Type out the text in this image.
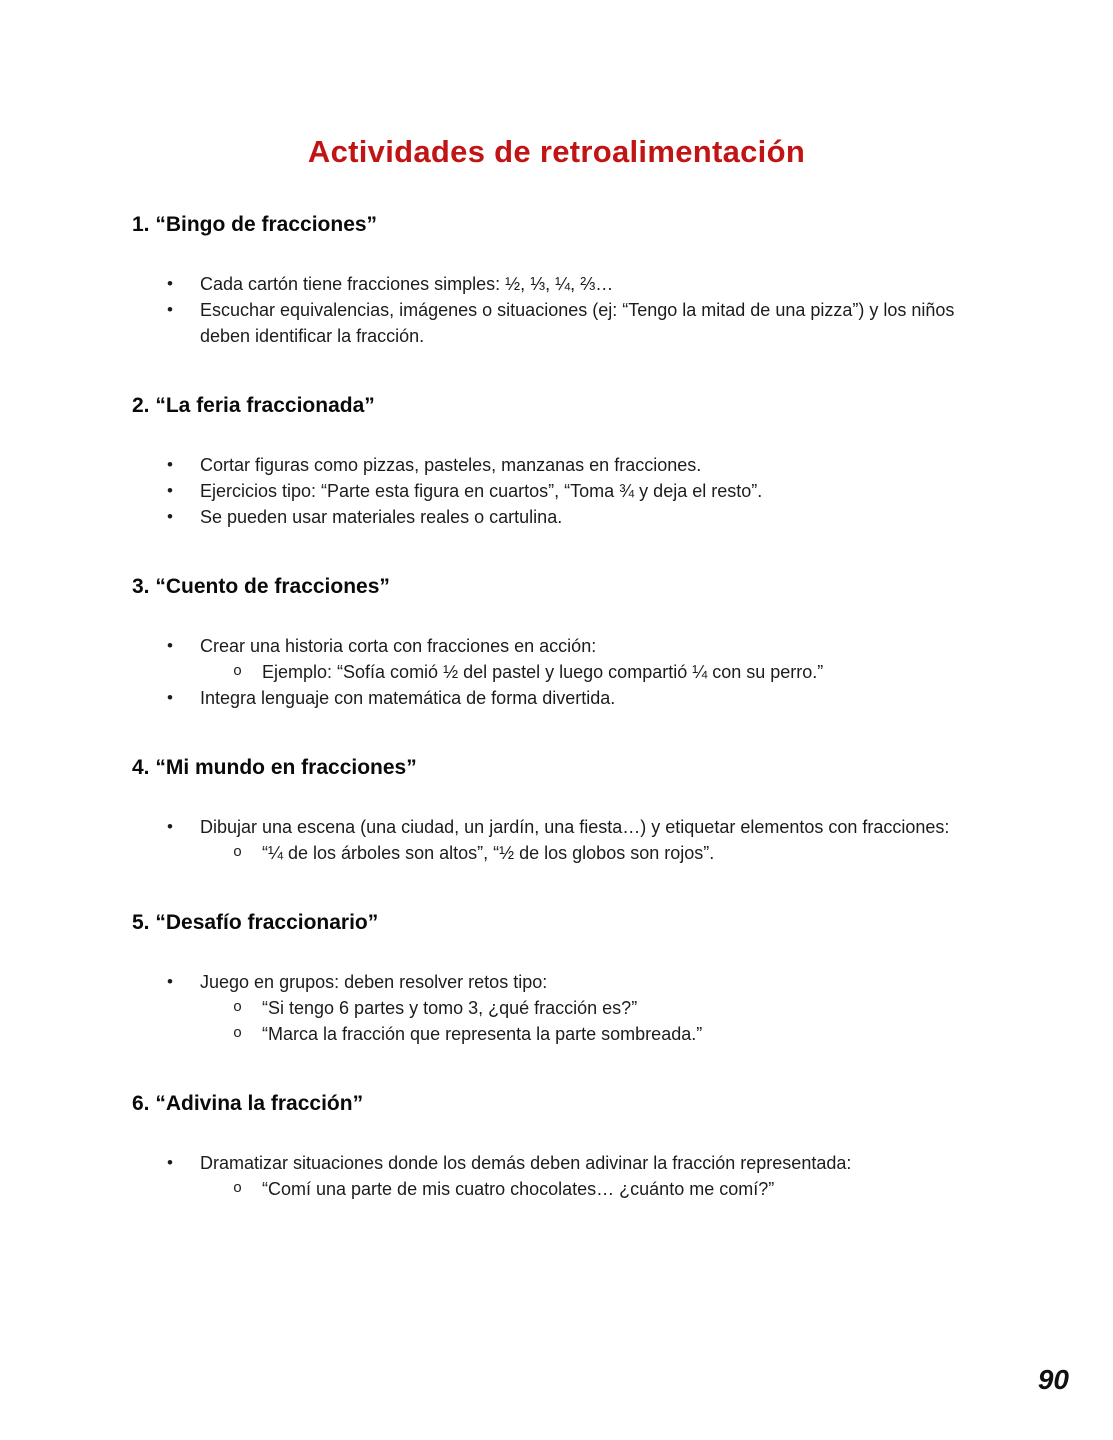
Actividades de retroalimentación
1. “Bingo de fracciones”
• Cada cartón tiene fracciones simples: ½, ⅓, ¼, ⅔…
• Escuchar equivalencias, imágenes o situaciones (ej: “Tengo la mitad de una pizza”) y los niños
deben identificar la fracción.
2. “La feria fraccionada”
• Cortar figuras como pizzas, pasteles, manzanas en fracciones.
• Ejercicios tipo: “Parte esta figura en cuartos”, “Toma ¾ y deja el resto”.
• Se pueden usar materiales reales o cartulina.
3. “Cuento de fracciones”
• Crear una historia corta con fracciones en acción:
o Ejemplo: “Sofía comió ½ del pastel y luego compartió ¼ con su perro.”
• Integra lenguaje con matemática de forma divertida.
4. “Mi mundo en fracciones”
• Dibujar una escena (una ciudad, un jardín, una fiesta…) y etiquetar elementos con fracciones:
o “¼ de los árboles son altos”, “½ de los globos son rojos”.
5. “Desafío fraccionario”
• Juego en grupos: deben resolver retos tipo:
o “Si tengo 6 partes y tomo 3, ¿qué fracción es?”
o “Marca la fracción que representa la parte sombreada.”
6. “Adivina la fracción”
• Dramatizar situaciones donde los demás deben adivinar la fracción representada:
o “Comí una parte de mis cuatro chocolates… ¿cuánto me comí?”
90
